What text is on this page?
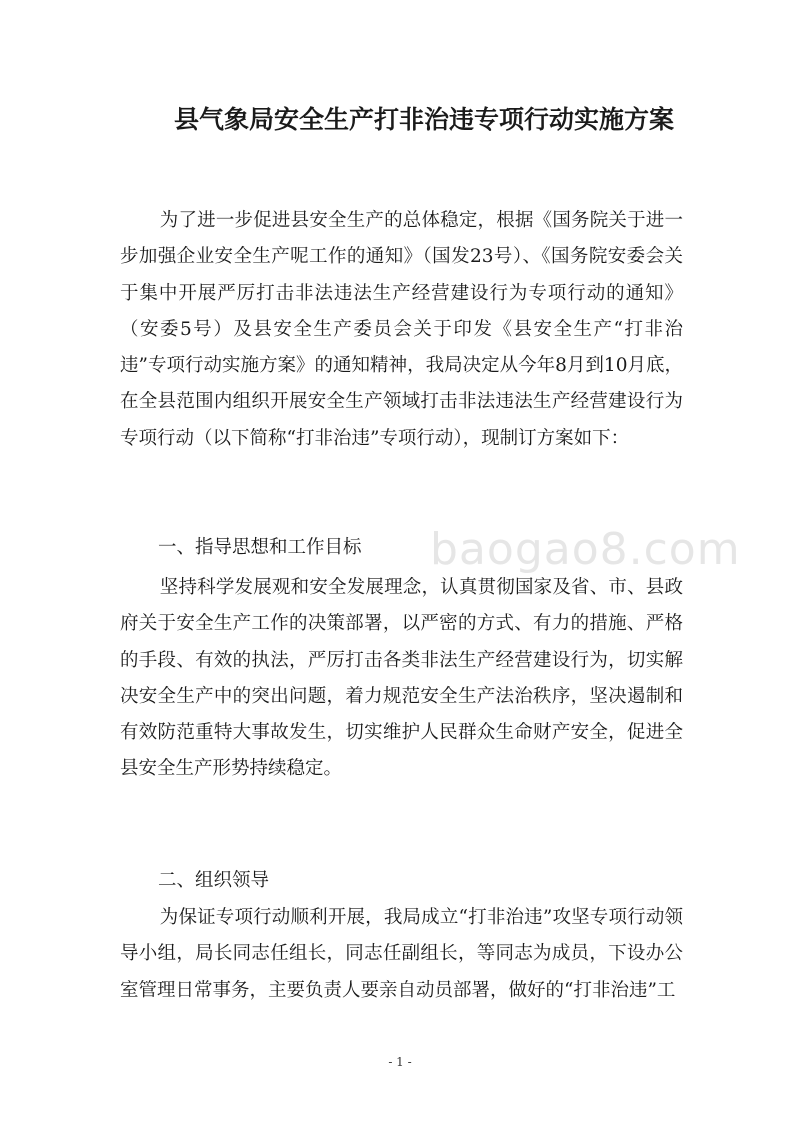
县气象局安全生产打非治违专项行动实施方案
为了进一步促进县安全生产的总体稳定，根据《国务院关于进一步加强企业安全生产呢工作的通知》（国发23号）、《国务院安委会关于集中开展严厉打击非法违法生产经营建设行为专项行动的通知》（安委5号）及县安全生产委员会关于印发《县安全生产“打非治违”专项行动实施方案》的通知精神，我局决定从今年8月到10月底，在全县范围内组织开展安全生产领域打击非法违法生产经营建设行为专项行动（以下简称“打非治违”专项行动），现制订方案如下：
一、指导思想和工作目标	baogao8.com
坚持科学发展观和安全发展理念，认真贯彻国家及省、市、县政府关于安全生产工作的决策部署，以严密的方式、有力的措施、严格的手段、有效的执法，严厉打击各类非法生产经营建设行为，切实解决安全生产中的突出问题，着力规范安全生产法治秩序，坚决遏制和有效防范重特大事故发生，切实维护人民群众生命财产安全，促进全县安全生产形势持续稳定。
二、组织领导
为保证专项行动顺利开展，我局成立“打非治违”攻坚专项行动领导小组，局长同志任组长，同志任副组长，等同志为成员，下设办公室管理日常事务，主要负责人要亲自动员部署，做好的“打非治违”工
- 1 -
